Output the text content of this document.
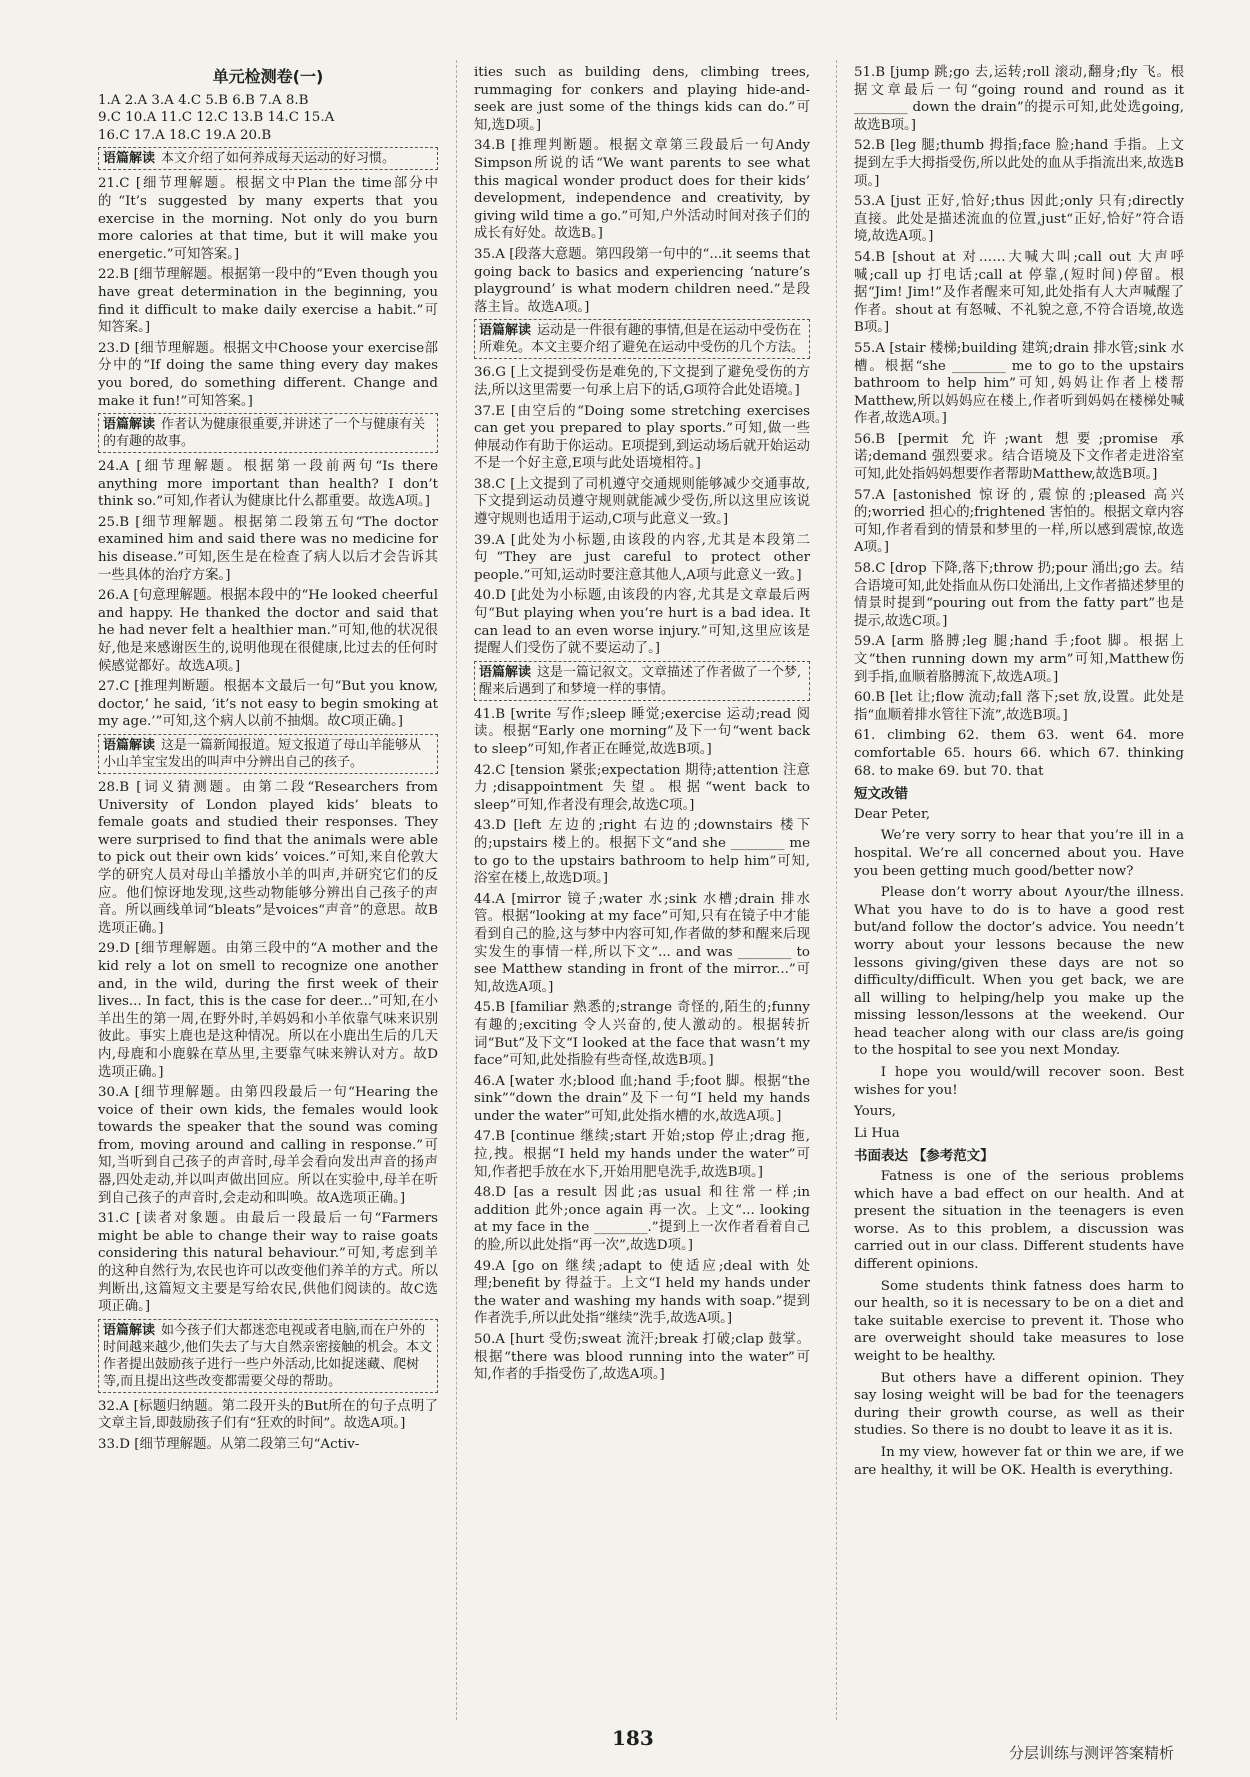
单元检测卷(一)

1.A 2.A 3.A 4.C 5.B 6.B 7.A 8.B

9.C 10.A 11.C 12.C 13.B 14.C 15.A

16.C 17.A 18.C 19.A 20.B

语篇解读 本文介绍了如何养成每天运动的好习惯。

21.C [细节理解题。根据文中Plan the time部分中的“It’s suggested by many experts that you exercise in the morning. Not only do you burn more calories at that time, but it will make you energetic.”可知答案。]

22.B [细节理解题。根据第一段中的“Even though you have great determination in the beginning, you find it difficult to make daily exercise a habit.”可知答案。]

23.D [细节理解题。根据文中Choose your exercise部分中的“If doing the same thing every day makes you bored, do something different. Change and make it fun!”可知答案。]

语篇解读 作者认为健康很重要,并讲述了一个与健康有关的有趣的故事。

24.A [细节理解题。根据第一段前两句“Is there anything more important than health? I don’t think so.”可知,作者认为健康比什么都重要。故选A项。]

25.B [细节理解题。根据第二段第五句“The doctor examined him and said there was no medicine for his disease.”可知,医生是在检查了病人以后才会告诉其一些具体的治疗方案。]

26.A [句意理解题。根据本段中的“He looked cheerful and happy. He thanked the doctor and said that he had never felt a healthier man.”可知,他的状况很好,他是来感谢医生的,说明他现在很健康,比过去的任何时候感觉都好。故选A项。]

27.C [推理判断题。根据本文最后一句“But you know, doctor,’ he said, ‘it’s not easy to begin smoking at my age.’”可知,这个病人以前不抽烟。故C项正确。]

语篇解读 这是一篇新闻报道。短文报道了母山羊能够从小山羊宝宝发出的叫声中分辨出自己的孩子。

28.B [词义猜测题。由第二段“Researchers from University of London played kids’ bleats to female goats and studied their responses. They were surprised to find that the animals were able to pick out their own kids’ voices.”可知,来自伦敦大学的研究人员对母山羊播放小羊的叫声,并研究它们的反应。他们惊讶地发现,这些动物能够分辨出自己孩子的声音。所以画线单词“bleats”是voices“声音”的意思。故B选项正确。]

29.D [细节理解题。由第三段中的“A mother and the kid rely a lot on smell to recognize one another and, in the wild, during the first week of their lives... In fact, this is the case for deer...”可知,在小羊出生的第一周,在野外时,羊妈妈和小羊依靠气味来识别彼此。事实上鹿也是这种情况。所以在小鹿出生后的几天内,母鹿和小鹿躲在草丛里,主要靠气味来辨认对方。故D选项正确。]

30.A [细节理解题。由第四段最后一句“Hearing the voice of their own kids, the females would look towards the speaker that the sound was coming from, moving around and calling in response.”可知,当听到自己孩子的声音时,母羊会看向发出声音的扬声器,四处走动,并以叫声做出回应。所以在实验中,母羊在听到自己孩子的声音时,会走动和叫唤。故A选项正确。]

31.C [读者对象题。由最后一段最后一句“Farmers might be able to change their way to raise goats considering this natural behaviour.”可知,考虑到羊的这种自然行为,农民也许可以改变他们养羊的方式。所以判断出,这篇短文主要是写给农民,供他们阅读的。故C选项正确。]

语篇解读 如今孩子们大都迷恋电视或者电脑,而在户外的时间越来越少,他们失去了与大自然亲密接触的机会。本文作者提出鼓励孩子进行一些户外活动,比如捉迷藏、爬树等,而且提出这些改变都需要父母的帮助。

32.A [标题归纳题。第二段开头的But所在的句子点明了文章主旨,即鼓励孩子们有“狂欢的时间”。故选A项。]

33.D [细节理解题。从第二段第三句“Activ-

ities such as building dens, climbing trees, rummaging for conkers and playing hide-and-seek are just some of the things kids can do.”可知,选D项。]

34.B [推理判断题。根据文章第三段最后一句Andy Simpson所说的话“We want parents to see what this magical wonder product does for their kids’ development, independence and creativity, by giving wild time a go.”可知,户外活动时间对孩子们的成长有好处。故选B。]

35.A [段落大意题。第四段第一句中的“...it seems that going back to basics and experiencing ‘nature’s playground’ is what modern children need.”是段落主旨。故选A项。]

语篇解读 运动是一件很有趣的事情,但是在运动中受伤在所难免。本文主要介绍了避免在运动中受伤的几个方法。

36.G [上文提到受伤是难免的,下文提到了避免受伤的方法,所以这里需要一句承上启下的话,G项符合此处语境。]

37.E [由空后的“Doing some stretching exercises can get you prepared to play sports.”可知,做一些伸展动作有助于你运动。E项提到,到运动场后就开始运动不是一个好主意,E项与此处语境相符。]

38.C [上文提到了司机遵守交通规则能够减少交通事故,下文提到运动员遵守规则就能减少受伤,所以这里应该说遵守规则也适用于运动,C项与此意义一致。]

39.A [此处为小标题,由该段的内容,尤其是本段第二句“They are just careful to protect other people.”可知,运动时要注意其他人,A项与此意义一致。]

40.D [此处为小标题,由该段的内容,尤其是文章最后两句“But playing when you’re hurt is a bad idea. It can lead to an even worse injury.”可知,这里应该是提醒人们受伤了就不要运动了。]

语篇解读 这是一篇记叙文。文章描述了作者做了一个梦,醒来后遇到了和梦境一样的事情。

41.B [write 写作;sleep 睡觉;exercise 运动;read 阅读。根据“Early one morning”及下一句“went back to sleep”可知,作者正在睡觉,故选B项。]

42.C [tension 紧张;expectation 期待;attention 注意力;disappointment 失望。根据“went back to sleep”可知,作者没有理会,故选C项。]

43.D [left 左边的;right 右边的;downstairs 楼下的;upstairs 楼上的。根据下文“and she ________ me to go to the upstairs bathroom to help him”可知,浴室在楼上,故选D项。]

44.A [mirror 镜子;water 水;sink 水槽;drain 排水管。根据“looking at my face”可知,只有在镜子中才能看到自己的脸,这与梦中内容可知,作者做的梦和醒来后现实发生的事情一样,所以下文“... and was ________ to see Matthew standing in front of the mirror...”可知,故选A项。]

45.B [familiar 熟悉的;strange 奇怪的,陌生的;funny 有趣的;exciting 令人兴奋的,使人激动的。根据转折词“But”及下文“I looked at the face that wasn’t my face”可知,此处指脸有些奇怪,故选B项。]

46.A [water 水;blood 血;hand 手;foot 脚。根据“the sink”“down the drain”及下一句“I held my hands under the water”可知,此处指水槽的水,故选A项。]

47.B [continue 继续;start 开始;stop 停止;drag 拖,拉,拽。根据“I held my hands under the water”可知,作者把手放在水下,开始用肥皂洗手,故选B项。]

48.D [as a result 因此;as usual 和往常一样;in addition 此外;once again 再一次。上文“... looking at my face in the ________.”提到上一次作者看着自己的脸,所以此处指“再一次”,故选D项。]

49.A [go on 继续;adapt to 使适应;deal with 处理;benefit by 得益于。上文“I held my hands under the water and washing my hands with soap.”提到作者洗手,所以此处指“继续”洗手,故选A项。]

50.A [hurt 受伤;sweat 流汗;break 打破;clap 鼓掌。根据“there was blood running into the water”可知,作者的手指受伤了,故选A项。]

51.B [jump 跳;go 去,运转;roll 滚动,翻身;fly 飞。根据文章最后一句“going round and round as it ________ down the drain”的提示可知,此处选going,故选B项。]

52.B [leg 腿;thumb 拇指;face 脸;hand 手指。上文提到左手大拇指受伤,所以此处的血从手指流出来,故选B项。]

53.A [just 正好,恰好;thus 因此;only 只有;directly 直接。此处是描述流血的位置,just“正好,恰好”符合语境,故选A项。]

54.B [shout at 对……大喊大叫;call out 大声呼喊;call up 打电话;call at 停靠,(短时间)停留。根据“Jim! Jim!”及作者醒来可知,此处指有人大声喊醒了作者。shout at 有怒喊、不礼貌之意,不符合语境,故选B项。]

55.A [stair 楼梯;building 建筑;drain 排水管;sink 水槽。根据“she ________ me to go to the upstairs bathroom to help him”可知,妈妈让作者上楼帮Matthew,所以妈妈应在楼上,作者听到妈妈在楼梯处喊作者,故选A项。]

56.B [permit 允许;want 想要;promise 承诺;demand 强烈要求。结合语境及下文作者走进浴室可知,此处指妈妈想要作者帮助Matthew,故选B项。]

57.A [astonished 惊讶的,震惊的;pleased 高兴的;worried 担心的;frightened 害怕的。根据文章内容可知,作者看到的情景和梦里的一样,所以感到震惊,故选A项。]

58.C [drop 下降,落下;throw 扔;pour 涌出;go 去。结合语境可知,此处指血从伤口处涌出,上文作者描述梦里的情景时提到“pouring out from the fatty part”也是提示,故选C项。]

59.A [arm 胳膊;leg 腿;hand 手;foot 脚。根据上文“then running down my arm”可知,Matthew伤到手指,血顺着胳膊流下,故选A项。]

60.B [let 让;flow 流动;fall 落下;set 放,设置。此处是指“血顺着排水管往下流”,故选B项。]

61. climbing 62. them 63. went 64. more comfortable 65. hours 66. which 67. thinking 68. to make 69. but 70. that

短文改错

Dear Peter,

We’re very sorry to hear that you’re ill in a hospital. We’re all concerned about you. Have you been getting much good/better now?

Please don’t worry about ∧your/the illness. What you have to do is to have a good rest but/and follow the doctor’s advice. You needn’t worry about your lessons because the new lessons giving/given these days are not so difficulty/difficult. When you get back, we are all willing to helping/help you make up the missing lesson/lessons at the weekend. Our head teacher along with our class are/is going to the hospital to see you next Monday.

I hope you would/will recover soon. Best wishes for you!

Yours,

Li Hua

书面表达 【参考范文】

Fatness is one of the serious problems which have a bad effect on our health. And at present the situation in the teenagers is even worse. As to this problem, a discussion was carried out in our class. Different students have different opinions.

Some students think fatness does harm to our health, so it is necessary to be on a diet and take suitable exercise to prevent it. Those who are overweight should take measures to lose weight to be healthy.

But others have a different opinion. They say losing weight will be bad for the teenagers during their growth course, as well as their studies. So there is no doubt to leave it as it is.

In my view, however fat or thin we are, if we are healthy, it will be OK. Health is everything.

183
分层训练与测评答案精析
